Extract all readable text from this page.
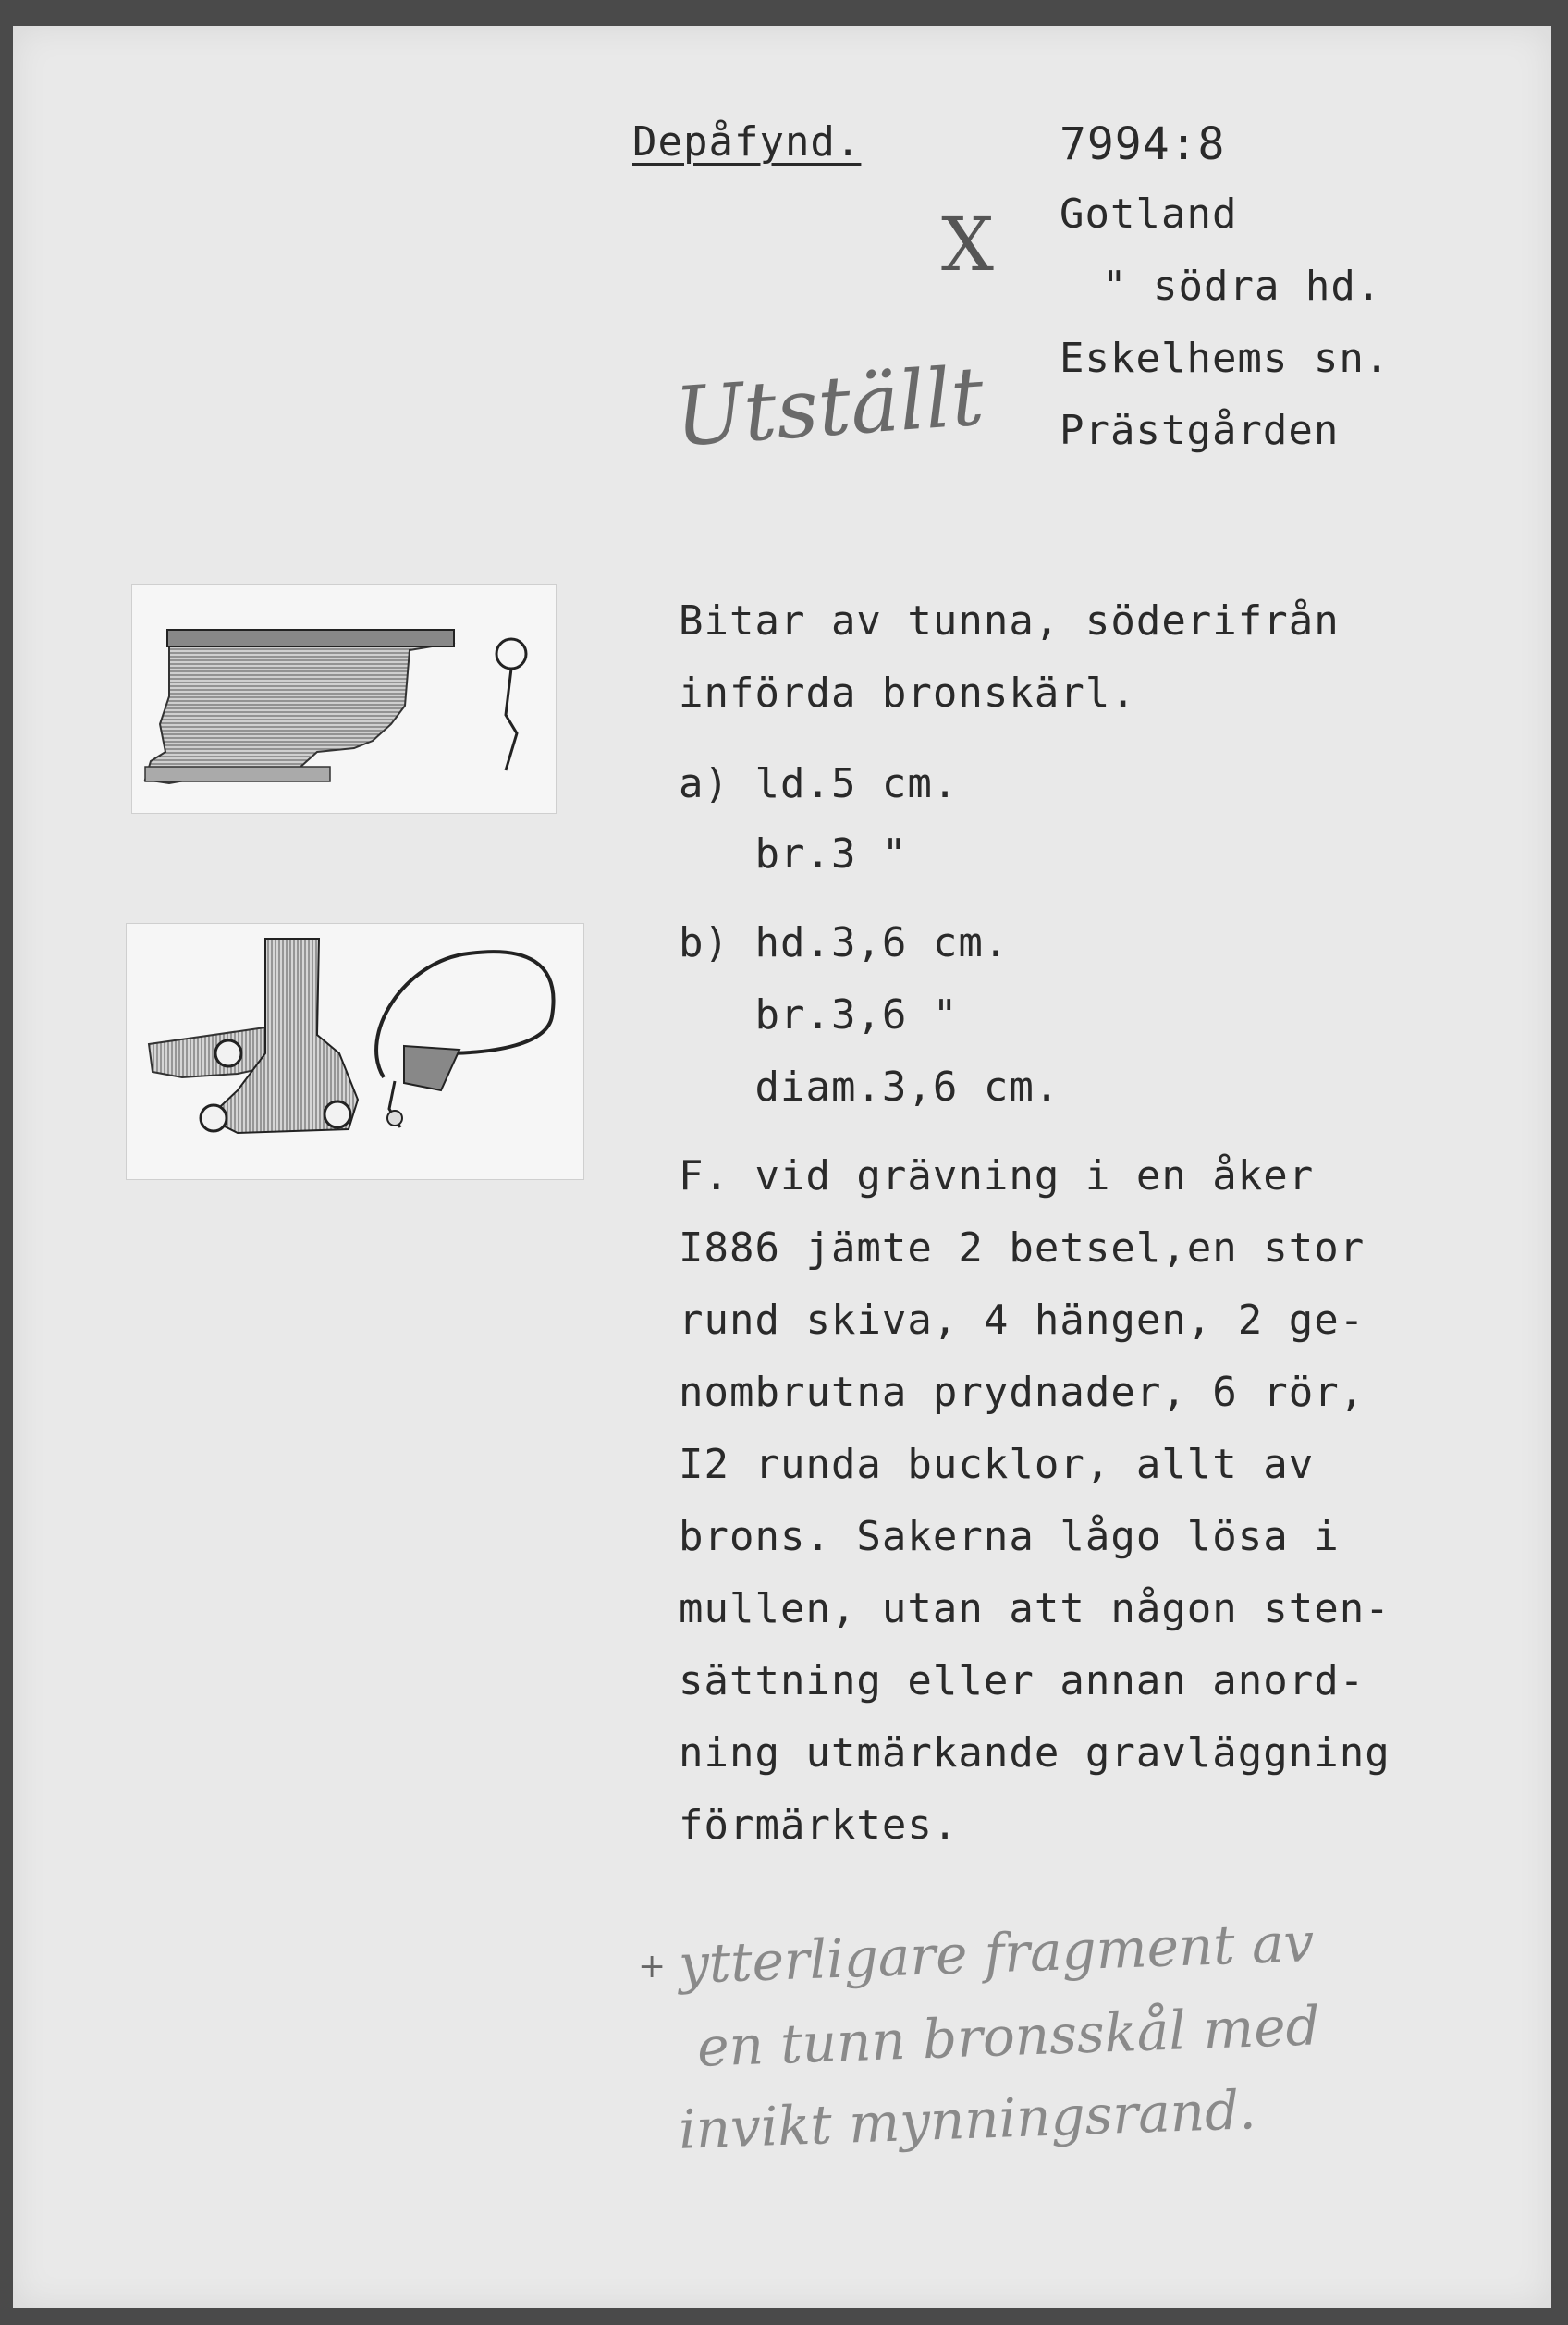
Depåfynd.	7994:8
X
Utställt
Gotland
" södra hd.
Eskelhems sn.
Prästgården
Bitar av tunna, söderifrån
införda bronskärl.
a) ld.5 cm.
br.3 "
b) hd.3,6 cm.
br.3,6 "
diam.3,6 cm.
F. vid grävning i en åker
I886 jämte 2 betsel,en stor
rund skiva, 4 hängen, 2 ge-
nombrutna prydnader, 6 rör,
I2 runda bucklor, allt av
brons. Sakerna lågo lösa i
mullen, utan att någon sten-
sättning eller annan anord-
ning utmärkande gravläggning
förmärktes.
+ ytterligare fragment av
en tunn bronsskål med
invikt mynningsrand.
